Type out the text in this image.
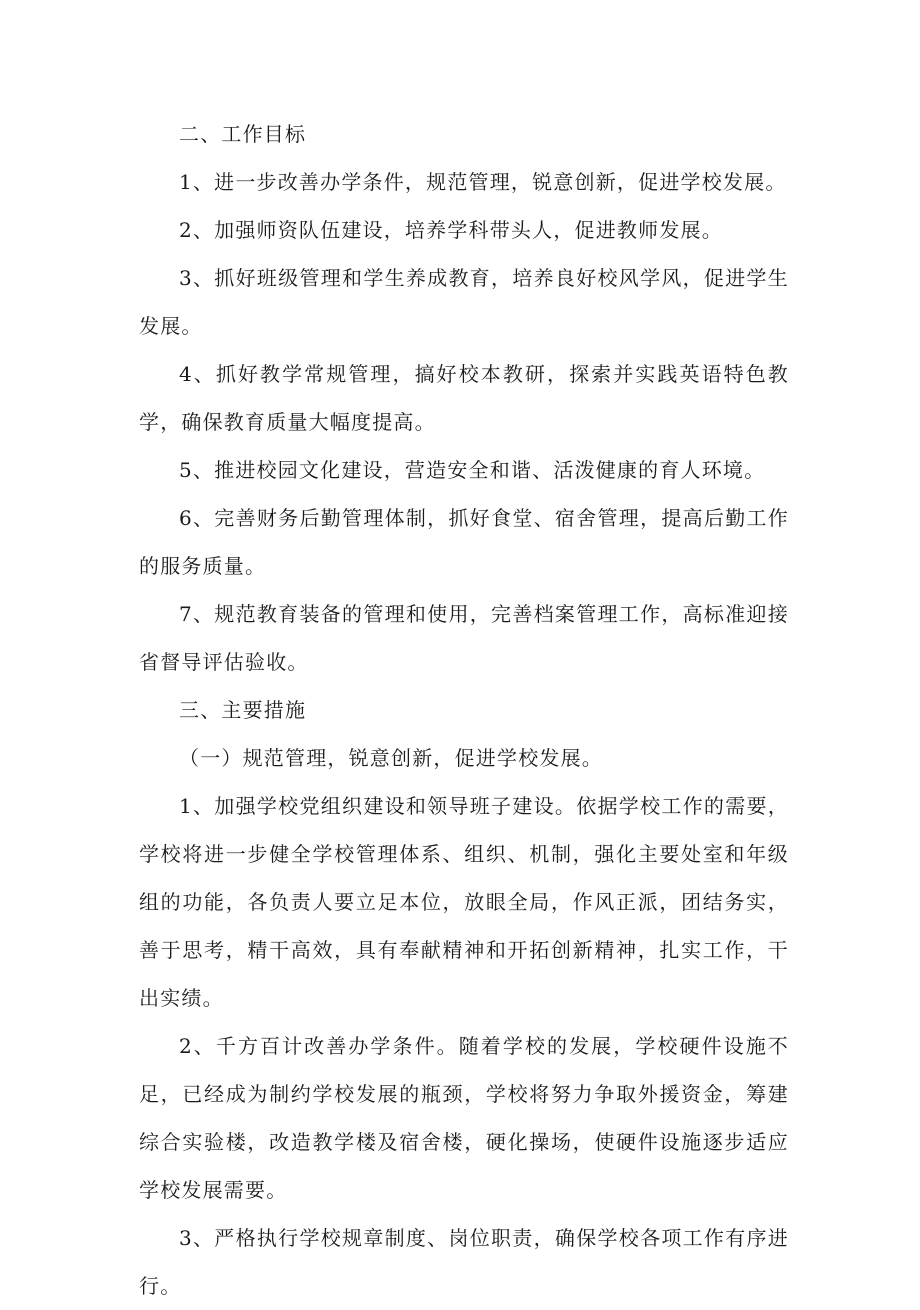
二、工作目标

1、进一步改善办学条件，规范管理，锐意创新，促进学校发展。

2、加强师资队伍建设，培养学科带头人，促进教师发展。

3、抓好班级管理和学生养成教育，培养良好校风学风，促进学生发展。

4、抓好教学常规管理，搞好校本教研，探索并实践英语特色教学，确保教育质量大幅度提高。

5、推进校园文化建设，营造安全和谐、活泼健康的育人环境。

6、完善财务后勤管理体制，抓好食堂、宿舍管理，提高后勤工作的服务质量。

7、规范教育装备的管理和使用，完善档案管理工作，高标准迎接省督导评估验收。

三、主要措施

（一）规范管理，锐意创新，促进学校发展。

1、加强学校党组织建设和领导班子建设。依据学校工作的需要，学校将进一步健全学校管理体系、组织、机制，强化主要处室和年级组的功能，各负责人要立足本位，放眼全局，作风正派，团结务实，善于思考，精干高效，具有奉献精神和开拓创新精神，扎实工作，干出实绩。

2、千方百计改善办学条件。随着学校的发展，学校硬件设施不足，已经成为制约学校发展的瓶颈，学校将努力争取外援资金，筹建综合实验楼，改造教学楼及宿舍楼，硬化操场，使硬件设施逐步适应学校发展需要。

3、严格执行学校规章制度、岗位职责，确保学校各项工作有序进行。
